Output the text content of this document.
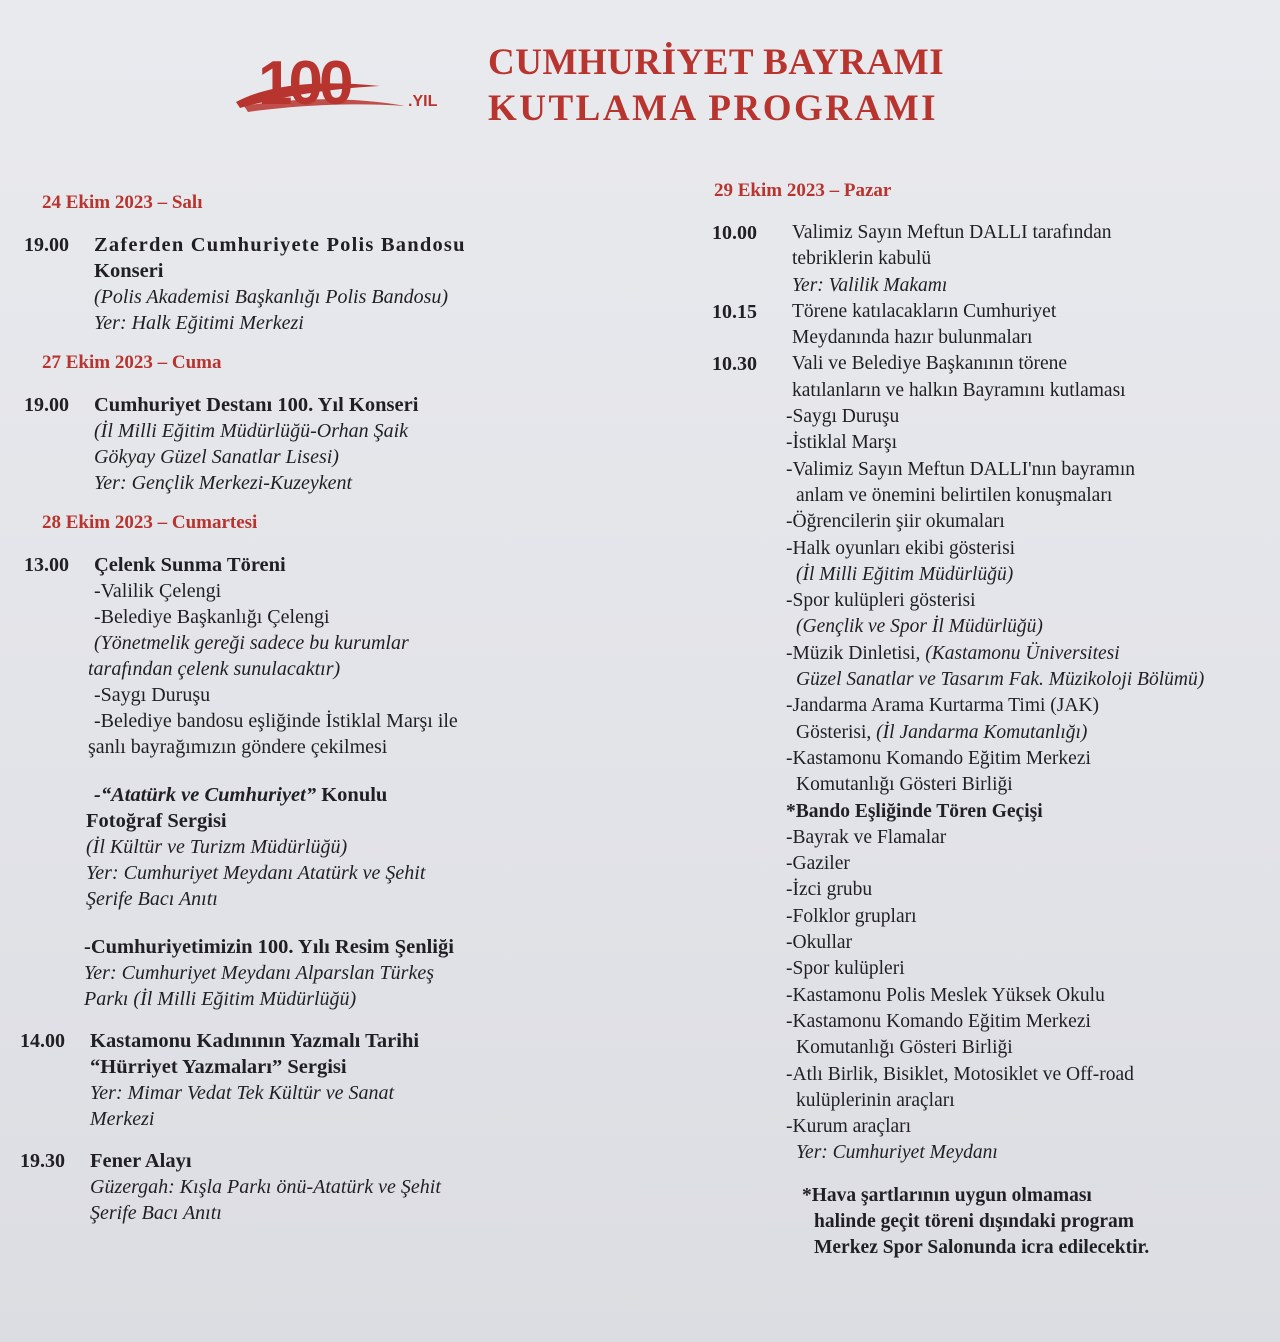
100	.YIL
CUMHURİYET BAYRAMI
KUTLAMA PROGRAMI
24 Ekim 2023 – Salı
19.00	Zaferden Cumhuriyete Polis Bandosu
Konseri
(Polis Akademisi Başkanlığı Polis Bandosu)
Yer: Halk Eğitimi Merkezi
27 Ekim 2023 – Cuma
19.00	Cumhuriyet Destanı 100. Yıl Konseri
(İl Milli Eğitim Müdürlüğü-Orhan Şaik
Gökyay Güzel Sanatlar Lisesi)
Yer: Gençlik Merkezi-Kuzeykent
28 Ekim 2023 – Cumartesi
13.00	Çelenk Sunma Töreni
-Valilik Çelengi
-Belediye Başkanlığı Çelengi
(Yönetmelik gereği sadece bu kurumlar
tarafından çelenk sunulacaktır)
-Saygı Duruşu
-Belediye bandosu eşliğinde İstiklal Marşı ile
şanlı bayrağımızın göndere çekilmesi
-“Atatürk ve Cumhuriyet” Konulu
Fotoğraf Sergisi
(İl Kültür ve Turizm Müdürlüğü)
Yer: Cumhuriyet Meydanı Atatürk ve Şehit
Şerife Bacı Anıtı
-Cumhuriyetimizin 100. Yılı Resim Şenliği
Yer: Cumhuriyet Meydanı Alparslan Türkeş
Parkı (İl Milli Eğitim Müdürlüğü)
14.00	Kastamonu Kadınının Yazmalı Tarihi
“Hürriyet Yazmaları” Sergisi
Yer: Mimar Vedat Tek Kültür ve Sanat
Merkezi
19.30	Fener Alayı
Güzergah: Kışla Parkı önü-Atatürk ve Şehit
Şerife Bacı Anıtı
29 Ekim 2023 – Pazar
10.00	Valimiz Sayın Meftun DALLI tarafından
tebriklerin kabulü
Yer: Valilik Makamı
10.15	Törene katılacakların Cumhuriyet
Meydanında hazır bulunmaları
10.30	Vali ve Belediye Başkanının törene
katılanların ve halkın Bayramını kutlaması
-Saygı Duruşu
-İstiklal Marşı
-Valimiz Sayın Meftun DALLI'nın bayramın
anlam ve önemini belirtilen konuşmaları
-Öğrencilerin şiir okumaları
-Halk oyunları ekibi gösterisi
(İl Milli Eğitim Müdürlüğü)
-Spor kulüpleri gösterisi
(Gençlik ve Spor İl Müdürlüğü)
-Müzik Dinletisi, (Kastamonu Üniversitesi
Güzel Sanatlar ve Tasarım Fak. Müzikoloji Bölümü)
-Jandarma Arama Kurtarma Timi (JAK)
Gösterisi, (İl Jandarma Komutanlığı)
-Kastamonu Komando Eğitim Merkezi
Komutanlığı Gösteri Birliği
*Bando Eşliğinde Tören Geçişi
-Bayrak ve Flamalar
-Gaziler
-İzci grubu
-Folklor grupları
-Okullar
-Spor kulüpleri
-Kastamonu Polis Meslek Yüksek Okulu
-Kastamonu Komando Eğitim Merkezi
Komutanlığı Gösteri Birliği
-Atlı Birlik, Bisiklet, Motosiklet ve Off-road
kulüplerinin araçları
-Kurum araçları
Yer: Cumhuriyet Meydanı
*Hava şartlarının uygun olmaması
halinde geçit töreni dışındaki program
Merkez Spor Salonunda icra edilecektir.
